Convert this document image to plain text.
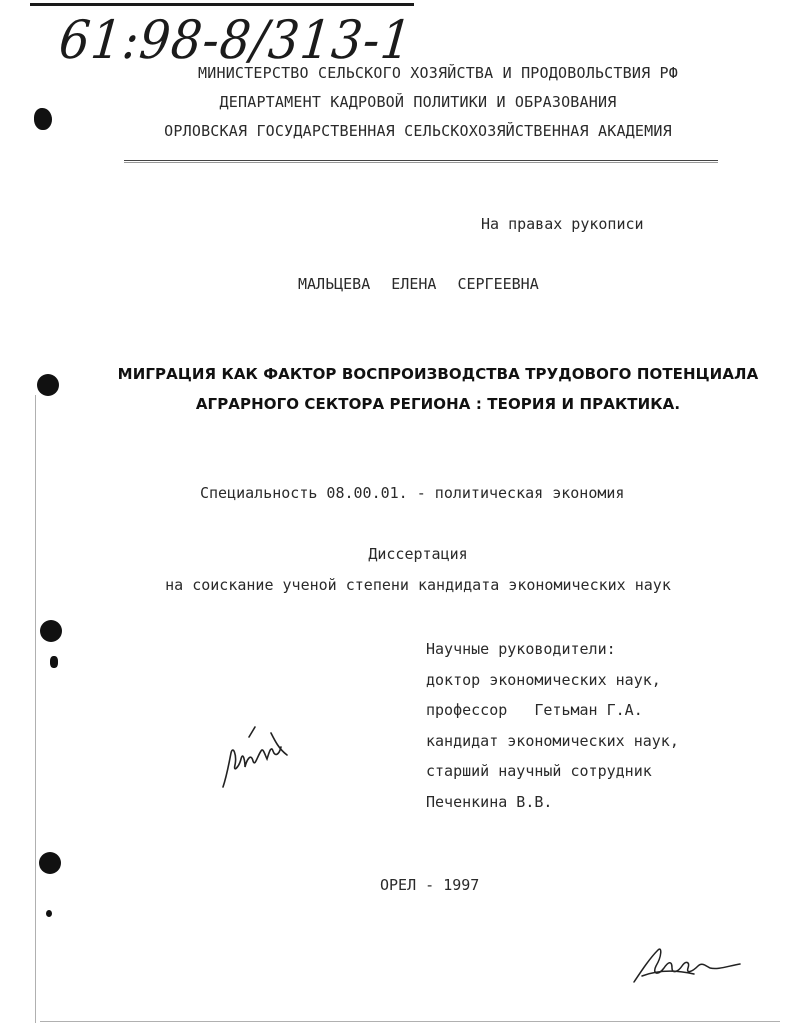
61:98-8/313-1
МИНИСТЕРСТВО СЕЛЬСКОГО ХОЗЯЙСТВА И ПРОДОВОЛЬСТВИЯ РФ
ДЕПАРТАМЕНТ КАДРОВОЙ ПОЛИТИКИ И ОБРАЗОВАНИЯ
ОРЛОВСКАЯ ГОСУДАРСТВЕННАЯ СЕЛЬСКОХОЗЯЙСТВЕННАЯ АКАДЕМИЯ
На правах рукописи
МАЛЬЦЕВА ЕЛЕНА СЕРГЕЕВНА
МИГРАЦИЯ КАК ФАКТОР ВОСПРОИЗВОДСТВА ТРУДОВОГО ПОТЕНЦИАЛА
АГРАРНОГО СЕКТОРА РЕГИОНА : ТЕОРИЯ И ПРАКТИКА.
Специальность 08.00.01. - политическая экономия
Диссертация
на соискание ученой степени кандидата экономических наук
Научные руководители:
доктор экономических наук,
профессор   Гетьман Г.А.
кандидат экономических наук,
старший научный сотрудник
Печенкина В.В.
ОРЕЛ - 1997
